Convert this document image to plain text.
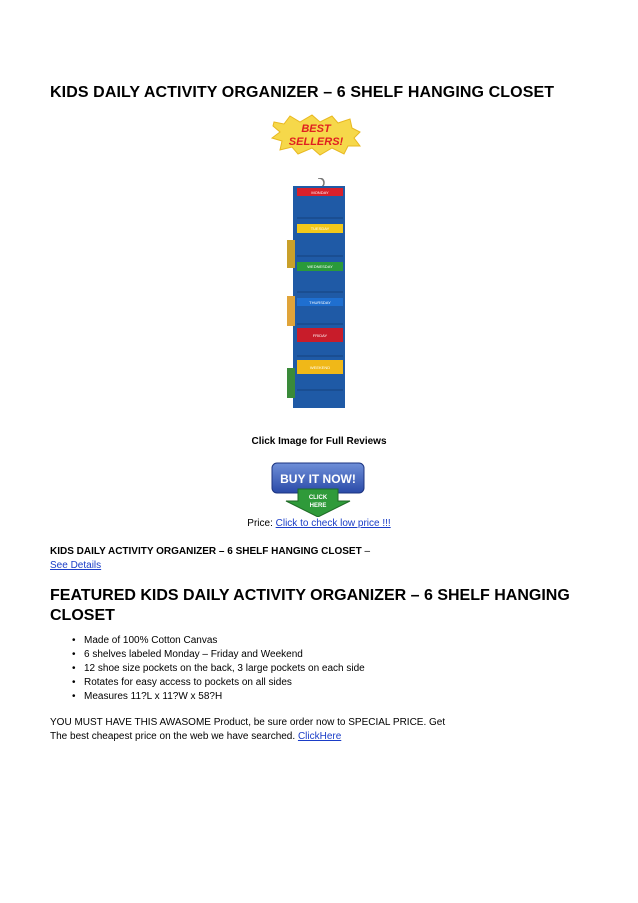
KIDS DAILY ACTIVITY ORGANIZER – 6 SHELF HANGING CLOSET
BEST
SELLERS!
MONDAY
TUESDAY
WEDNESDAY
THURSDAY
FRIDAY
WEEKEND
Click Image for Full Reviews
BUY IT NOW!
CLICK
HERE
Price: Click to check low price !!!
KIDS DAILY ACTIVITY ORGANIZER – 6 SHELF HANGING CLOSET –
See Details
FEATURED KIDS DAILY ACTIVITY ORGANIZER – 6 SHELF HANGING CLOSET
• Made of 100% Cotton Canvas
• 6 shelves labeled Monday – Friday and Weekend
• 12 shoe size pockets on the back, 3 large pockets on each side
• Rotates for easy access to pockets on all sides
• Measures 11?L x 11?W x 58?H
YOU MUST HAVE THIS AWASOME Product, be sure order now to SPECIAL PRICE. Get
The best cheapest price on the web we have searched. ClickHere
